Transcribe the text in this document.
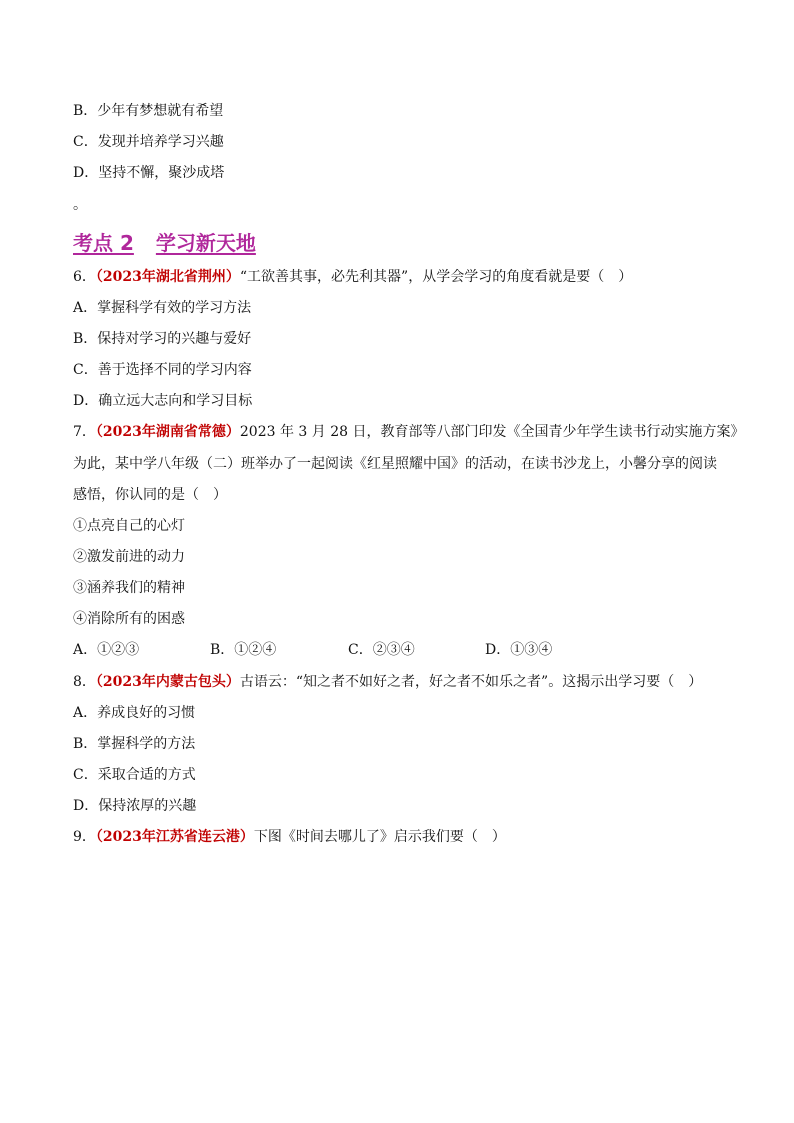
B．少年有梦想就有希望
C．发现并培养学习兴趣
D．坚持不懈，聚沙成塔
。
考点 2 学习新天地
6．（2023年湖北省荆州）“工欲善其事，必先利其器”，从学会学习的角度看就是要（　）
A．掌握科学有效的学习方法
B．保持对学习的兴趣与爱好
C．善于选择不同的学习内容
D．确立远大志向和学习目标
7．（2023年湖南省常德）2023 年 3 月 28 日，教育部等八部门印发《全国青少年学生读书行动实施方案》
为此，某中学八年级（二）班举办了一起阅读《红星照耀中国》的活动，在读书沙龙上，小馨分享的阅读
感悟，你认同的是（　）
①点亮自己的心灯
②激发前进的动力
③涵养我们的精神
④消除所有的困惑
A．①②③	B．①②④	C．②③④	D．①③④
8．（2023年内蒙古包头）古语云：“知之者不如好之者，好之者不如乐之者”。这揭示出学习要（　）
A．养成良好的习惯
B．掌握科学的方法
C．采取合适的方式
D．保持浓厚的兴趣
9．（2023年江苏省连云港）下图《时间去哪儿了》启示我们要（　）
